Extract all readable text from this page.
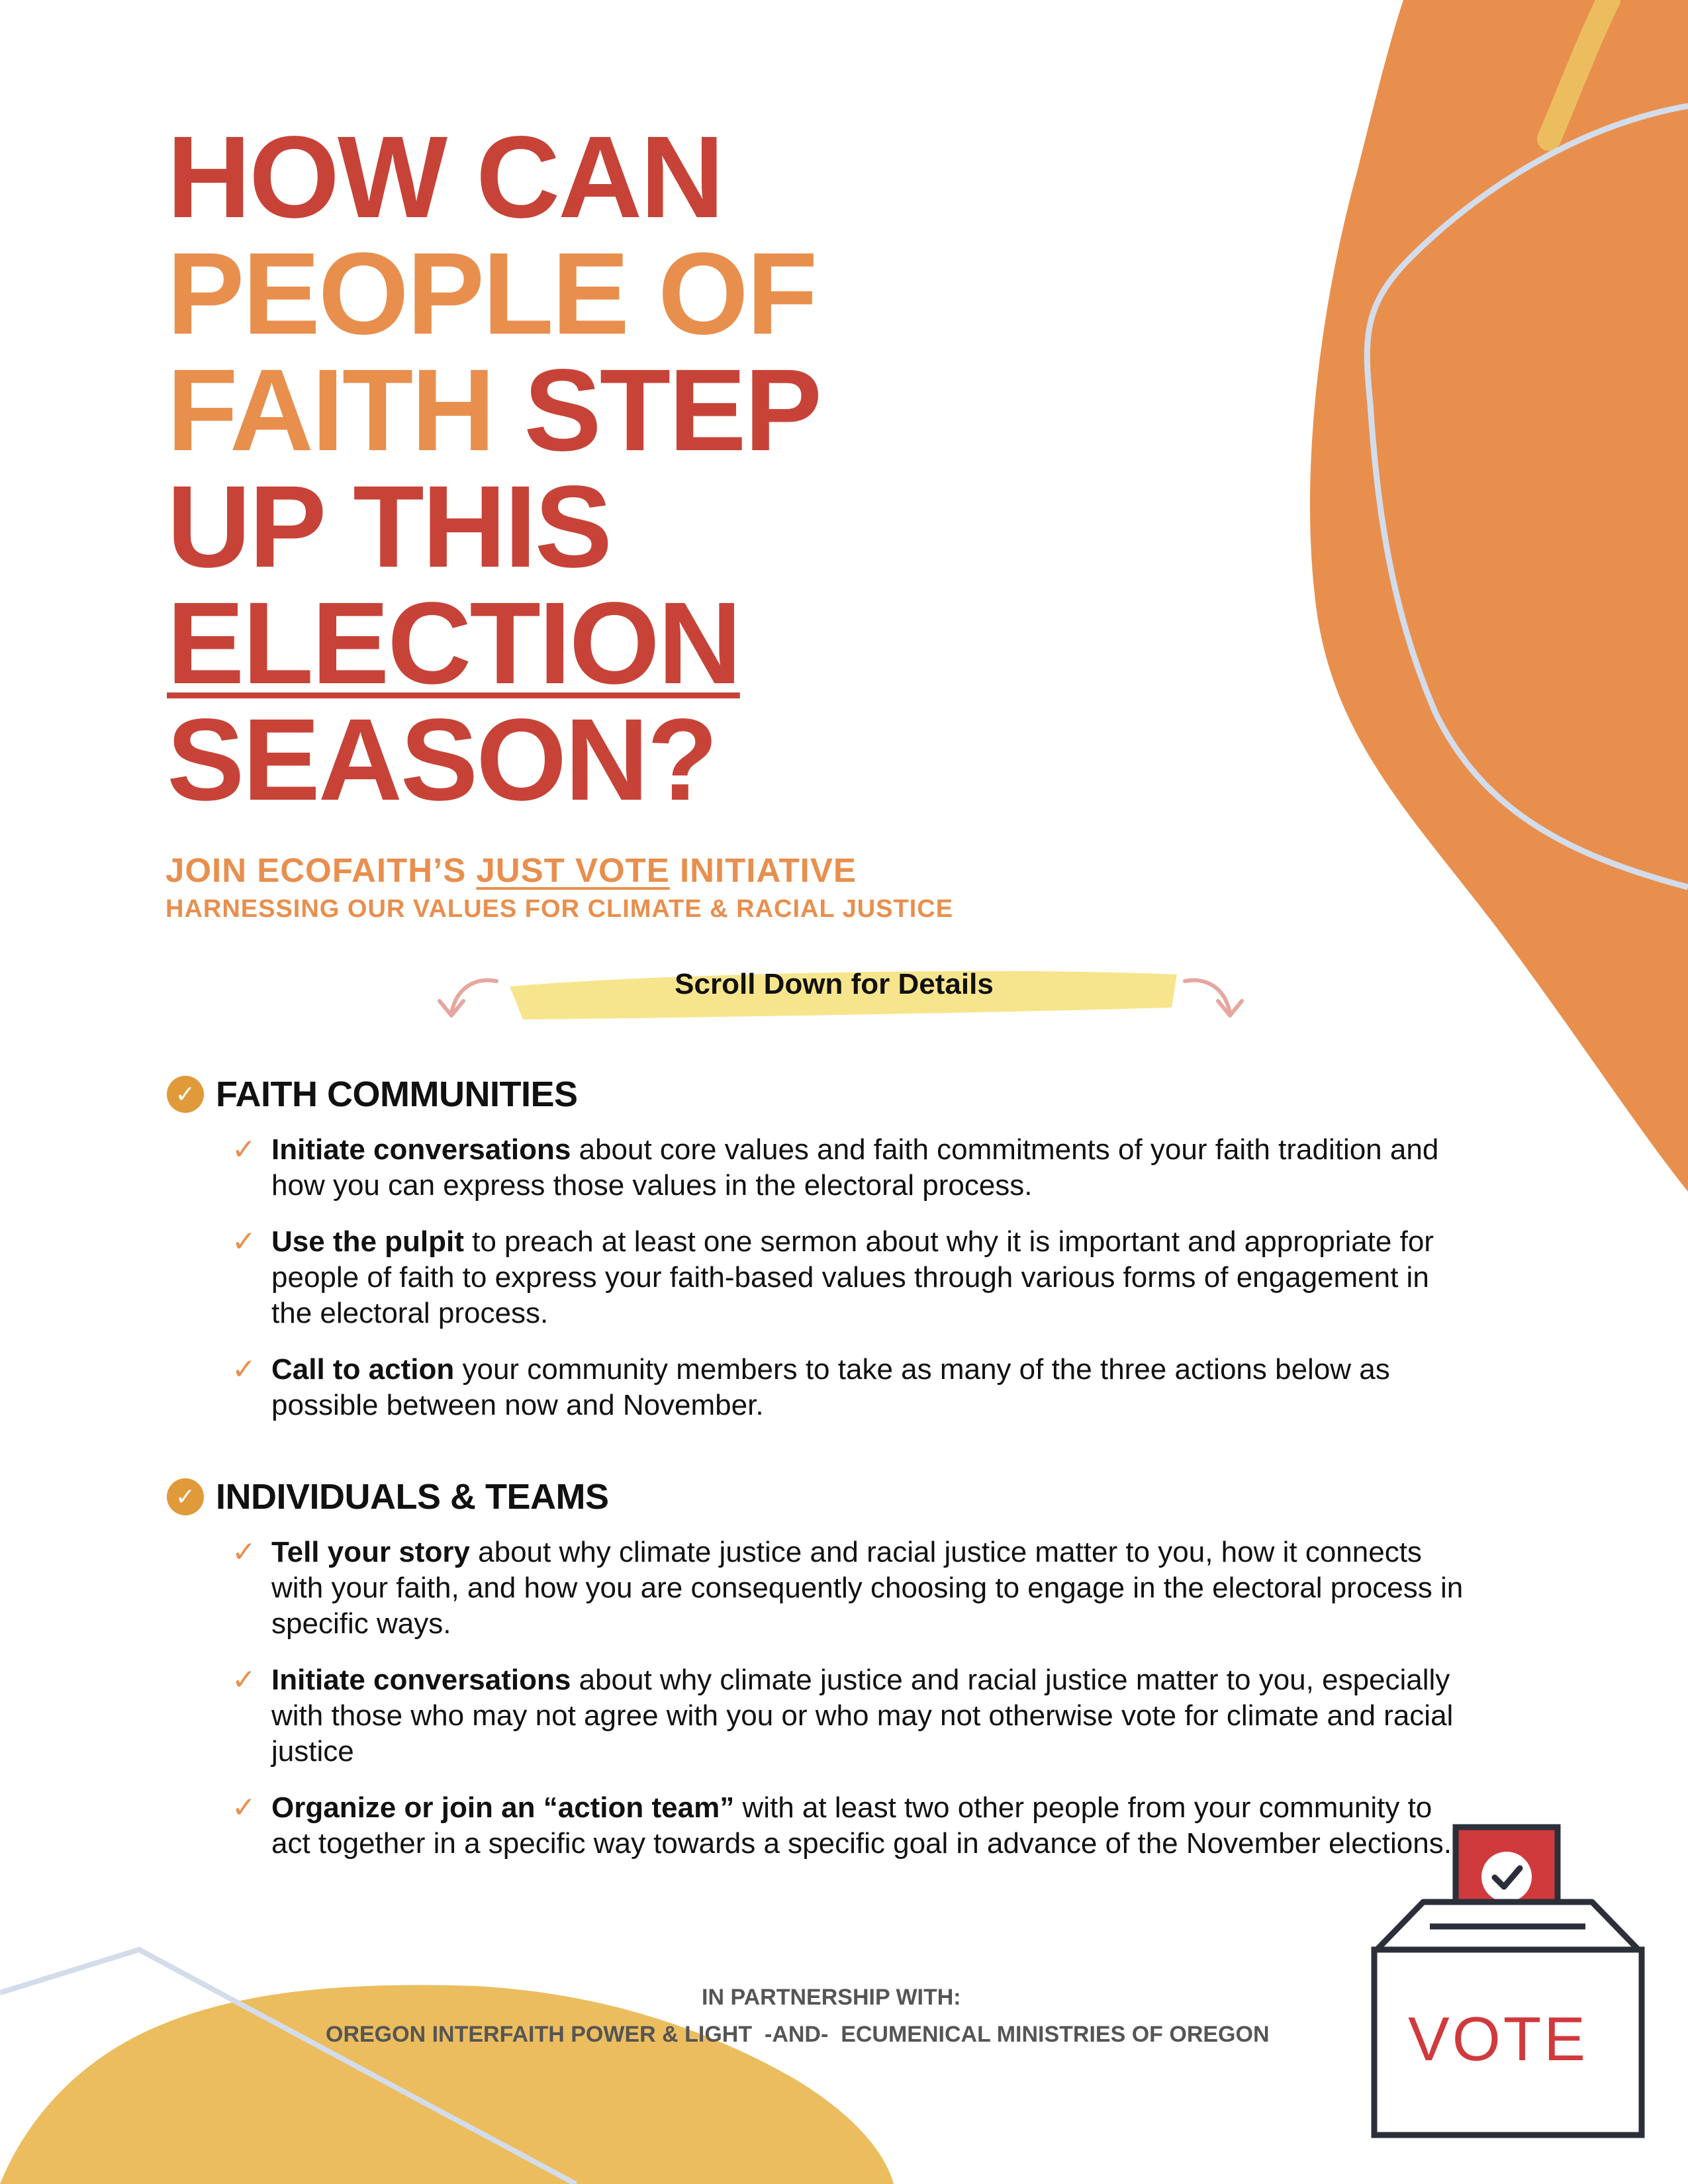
HOW CAN
PEOPLE OF
FAITH STEP
UP THIS
ELECTION
SEASON?

JOIN ECOFAITH’S JUST VOTE INITIATIVE

HARNESSING OUR VALUES FOR CLIMATE & RACIAL JUSTICE

Scroll Down for Details
✓ FAITH COMMUNITIES
✓ Initiate conversations about core values and faith commitments of your faith tradition and how you can express those values in the electoral process.
✓ Use the pulpit to preach at least one sermon about why it is important and appropriate for people of faith to express your faith-based values through various forms of engagement in the electoral process.
✓ Call to action your community members to take as many of the three actions below as possible between now and November.
✓ INDIVIDUALS & TEAMS
✓ Tell your story about why climate justice and racial justice matter to you, how it connects with your faith, and how you are consequently choosing to engage in the electoral process in specific ways.
✓ Initiate conversations about why climate justice and racial justice matter to you, especially with those who may not agree with you or who may not otherwise vote for climate and racial justice
✓ Organize or join an “action team” with at least two other people from your community to act together in a specific way towards a specific goal in advance of the November elections.
IN PARTNERSHIP WITH:
OREGON INTERFAITH POWER & LIGHT  -AND-  ECUMENICAL MINISTRIES OF OREGON	VOTE
